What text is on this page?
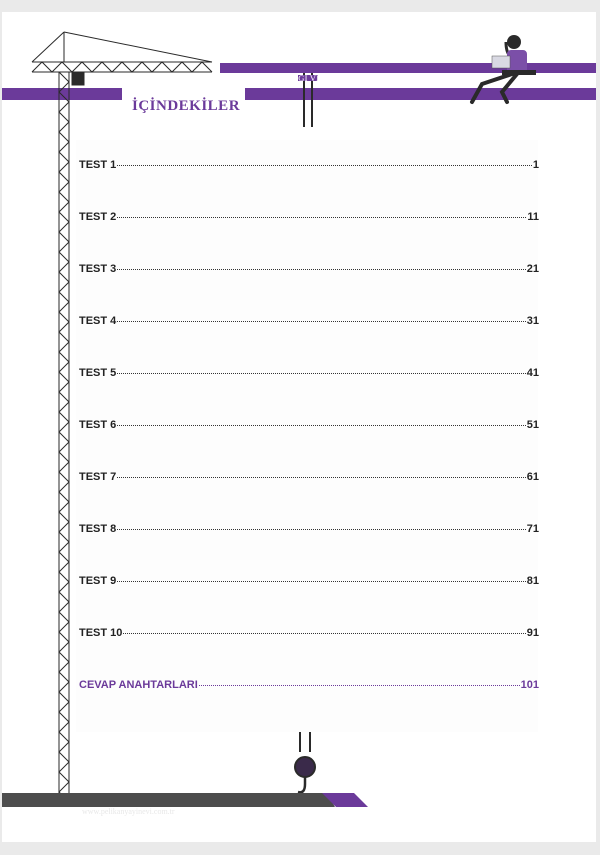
İŞ SAĞLIĞI VE GÜVENLİĞİ SINAVLARINA HAZIRLIK
İÇİNDEKİLER
TEST 1	1
TEST 2	11
TEST 3	21
TEST 4	31
TEST 5	41
TEST 6	51
TEST 7	61
TEST 8	71
TEST 9	81
TEST 10	91
CEVAP ANAHTARLARI	101
www.pelikanyayinevi.com.tr	iv
